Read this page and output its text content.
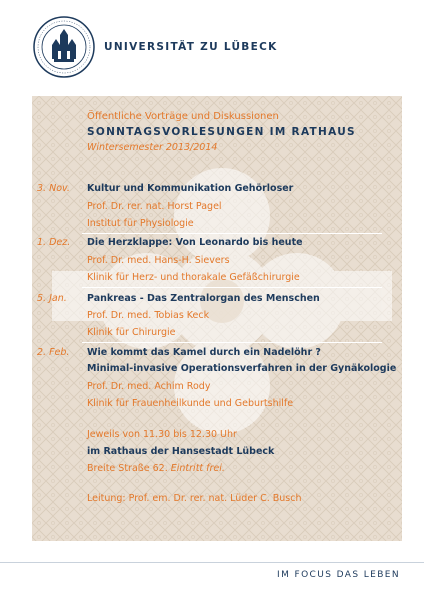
UNIVERSITÄT ZU LÜBECK
Öffentliche Vorträge und Diskussionen
SONNTAGSVORLESUNGEN IM RATHAUS
Wintersemester 2013/2014
3. Nov. Kultur und Kommunikation Gehörloser
Prof. Dr. rer. nat. Horst Pagel
Institut für Physiologie
1. Dez. Die Herzklappe: Von Leonardo bis heute
Prof. Dr. med. Hans-H. Sievers
Klinik für Herz- und thorakale Gefäßchirurgie
5. Jan. Pankreas - Das Zentralorgan des Menschen
Prof. Dr. med. Tobias Keck
Klinik für Chirurgie
2. Feb. Wie kommt das Kamel durch ein Nadelöhr ?
Minimal-invasive Operationsverfahren in der Gynäkologie
Prof. Dr. med. Achim Rody
Klinik für Frauenheilkunde und Geburtshilfe
Jeweils von 11.30 bis 12.30 Uhr
im Rathaus der Hansestadt Lübeck
Breite Straße 62. Eintritt frei.
Leitung: Prof. em. Dr. rer. nat. Lüder C. Busch
IM FOCUS DAS LEBEN
